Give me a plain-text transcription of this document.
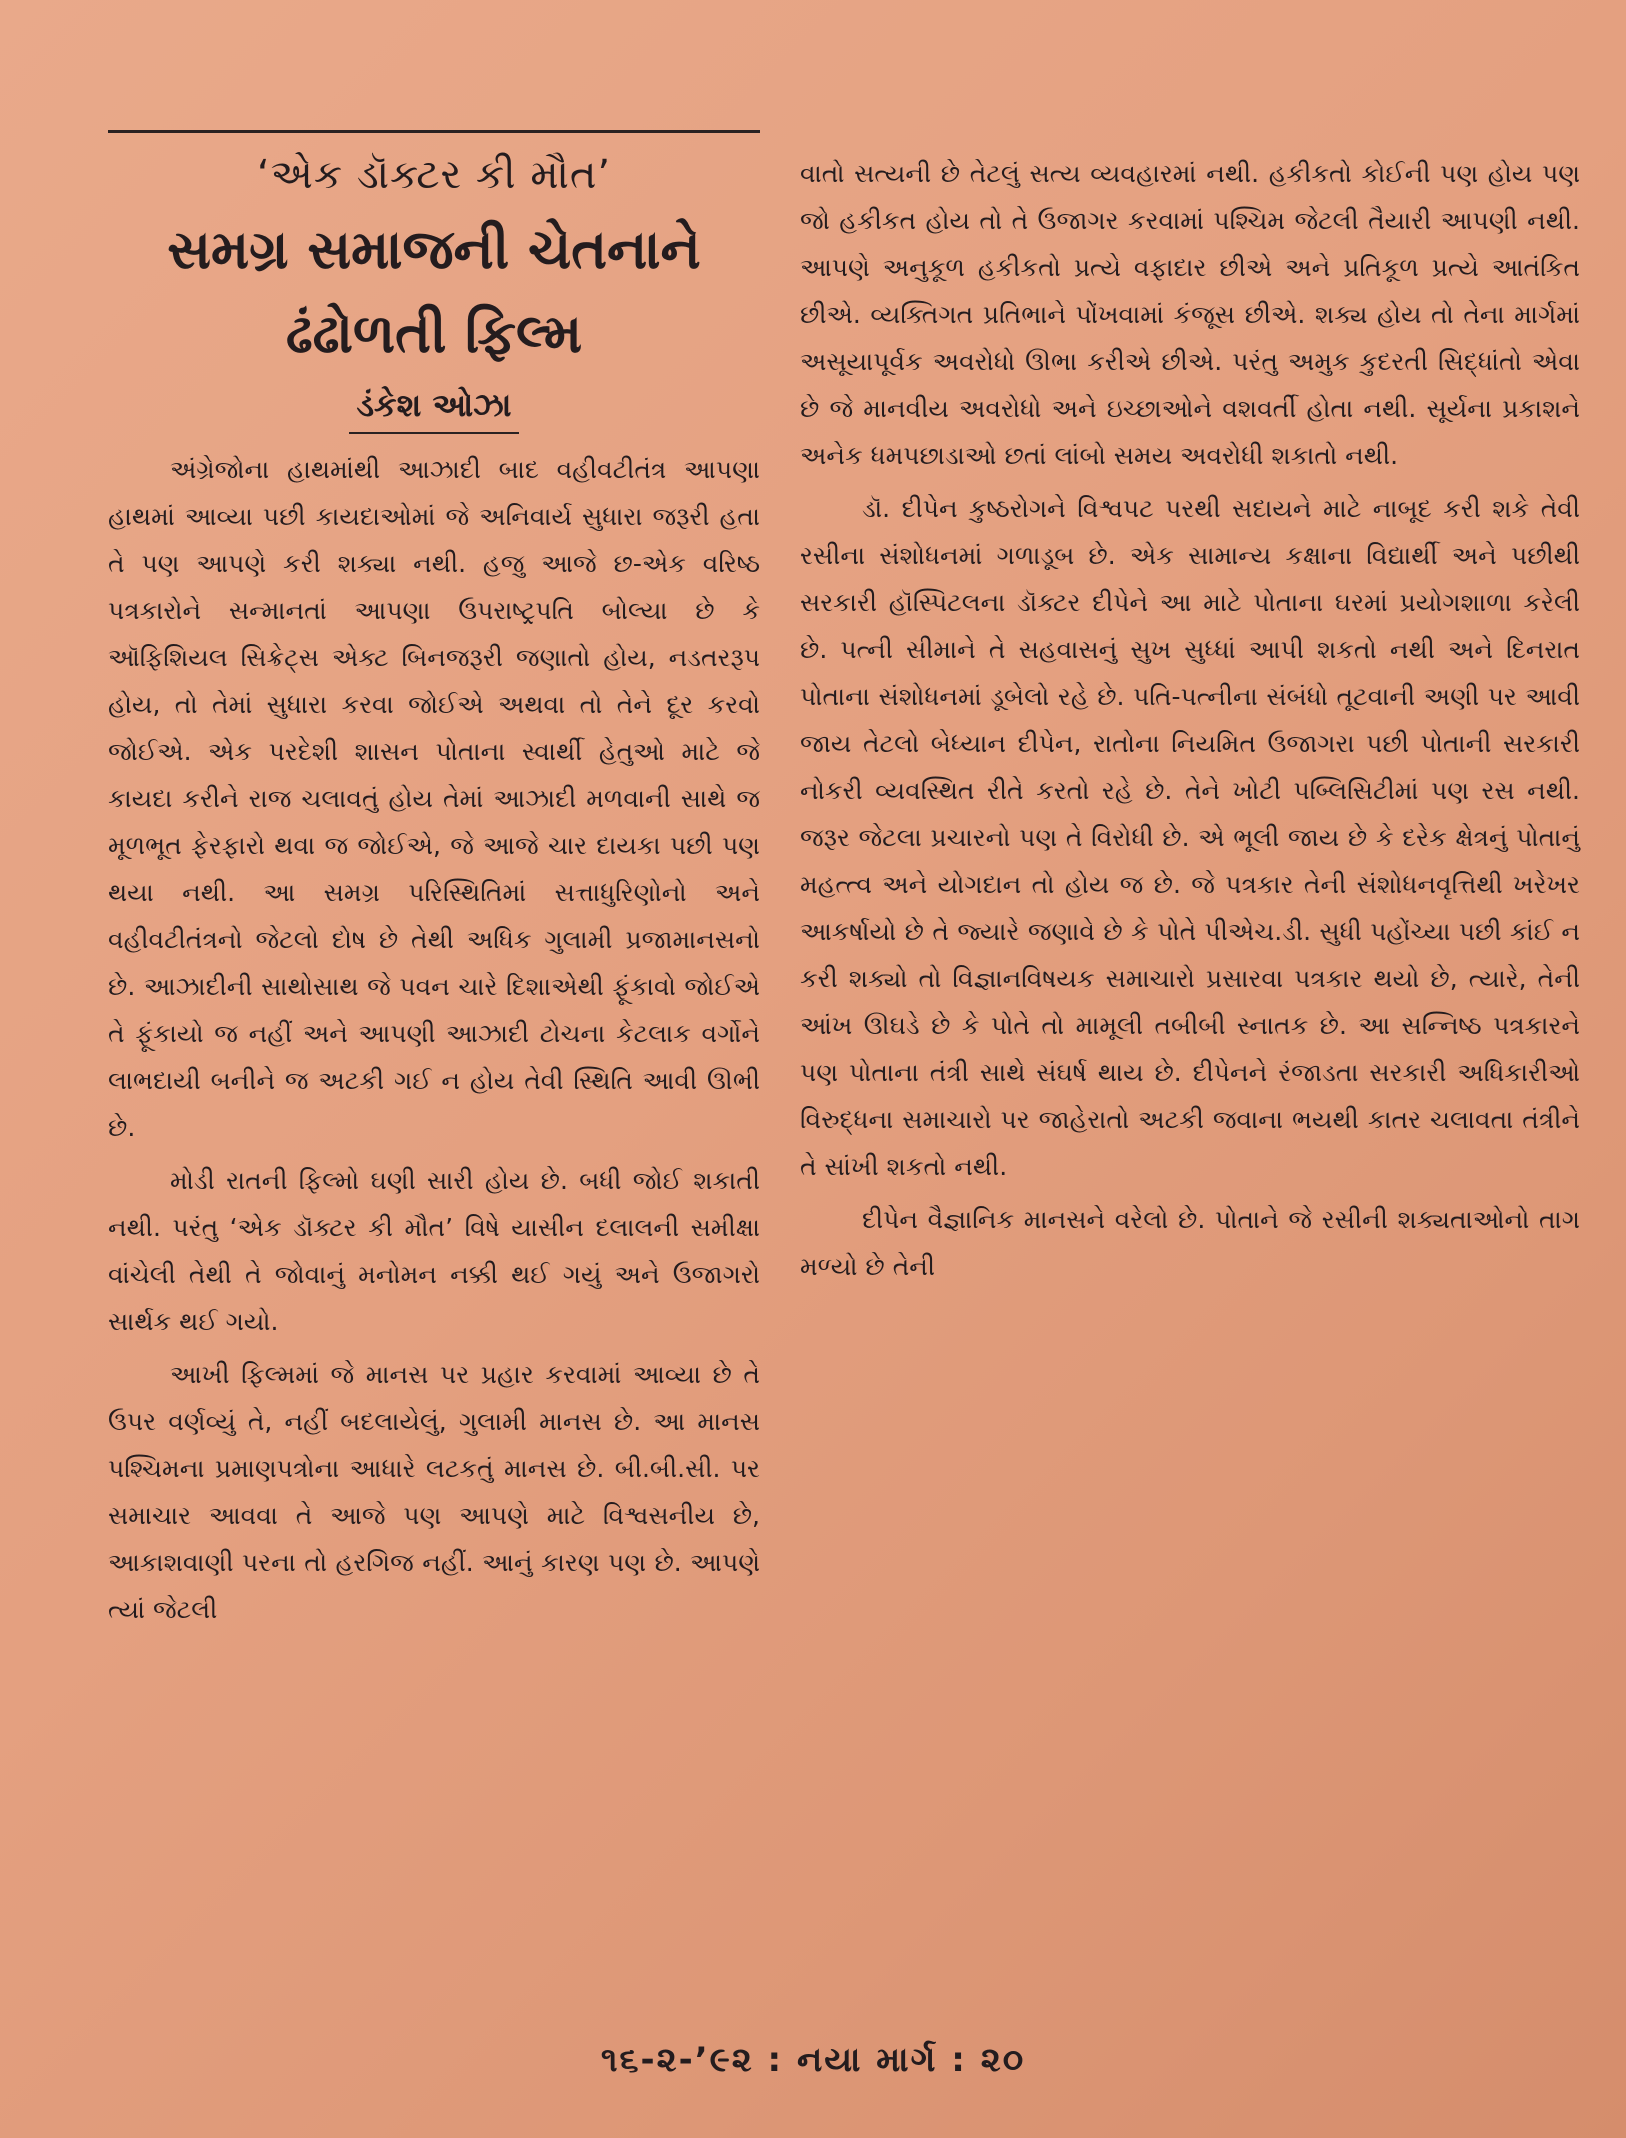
‘એક ડૉક્ટર કી મૌત’
સમગ્ર સમાજની ચેતનાને
ઢંઢોળતી ફિલ્મ
ડંકેશ ઓઝા

અંગ્રેજોના હાથમાંથી આઝાદી બાદ વહીવટીતંત્ર આપણા હાથમાં આવ્યા પછી કાયદાઓમાં જે અનિવાર્ય સુધારા જરૂરી હતા તે પણ આપણે કરી શક્યા નથી. હજુ આજે છ-એક વરિષ્ઠ પત્રકારોને સન્માનતાં આપણા ઉપરાષ્ટ્રપતિ બોલ્યા છે કે ઑફિશિયલ સિક્રેટ્સ એક્ટ બિનજરૂરી જણાતો હોય, નડતરરૂપ હોય, તો તેમાં સુધારા કરવા જોઈએ અથવા તો તેને દૂર કરવો જોઈએ. એક પરદેશી શાસન પોતાના સ્વાર્થી હેતુઓ માટે જે કાયદા કરીને રાજ ચલાવતું હોય તેમાં આઝાદી મળવાની સાથે જ મૂળભૂત ફેરફારો થવા જ જોઈએ, જે આજે ચાર દાયકા પછી પણ થયા નથી. આ સમગ્ર પરિસ્થિતિમાં સત્તાધુરિણોનો અને વહીવટીતંત્રનો જેટલો દોષ છે તેથી અધિક ગુલામી પ્રજામાનસનો છે. આઝાદીની સાથોસાથ જે પવન ચારે દિશાએથી ફૂંકાવો જોઈએ તે ફૂંકાયો જ નહીં અને આપણી આઝાદી ટોચના કેટલાક વર્ગોને લાભદાયી બનીને જ અટકી ગઈ ન હોય તેવી સ્થિતિ આવી ઊભી છે.

મોડી રાતની ફિલ્મો ઘણી સારી હોય છે. બધી જોઈ શકાતી નથી. પરંતુ ‘એક ડૉક્ટર કી મૌત’ વિષે યાસીન દલાલની સમીક્ષા વાંચેલી તેથી તે જોવાનું મનોમન નક્કી થઈ ગયું અને ઉજાગરો સાર્થક થઈ ગયો.

આખી ફિલ્મમાં જે માનસ પર પ્રહાર કરવામાં આવ્યા છે તે ઉપર વર્ણવ્યું તે, નહીં બદલાયેલું, ગુલામી માનસ છે. આ માનસ પશ્ચિમના પ્રમાણપત્રોના આધારે લટકતું માનસ છે. બી.બી.સી. પર સમાચાર આવવા તે આજે પણ આપણે માટે વિશ્વસનીય છે, આકાશવાણી પરના તો હરગિજ નહીં. આનું કારણ પણ છે. આપણે ત્યાં જેટલી

વાતો સત્યની છે તેટલું સત્ય વ્યવહારમાં નથી. હકીકતો કોઈની પણ હોય પણ જો હકીકત હોય તો તે ઉજાગર કરવામાં પશ્ચિમ જેટલી તૈયારી આપણી નથી. આપણે અનુકૂળ હકીકતો પ્રત્યે વફાદાર છીએ અને પ્રતિકૂળ પ્રત્યે આતંકિત છીએ. વ્યક્તિગત પ્રતિભાને પોંખવામાં કંજૂસ છીએ. શક્ય હોય તો તેના માર્ગમાં અસૂયાપૂર્વક અવરોધો ઊભા કરીએ છીએ. પરંતુ અમુક કુદરતી સિદ્ધાંતો એવા છે જે માનવીય અવરોધો અને ઇચ્છાઓને વશવર્તી હોતા નથી. સૂર્યના પ્રકાશને અનેક ધમપછાડાઓ છતાં લાંબો સમય અવરોધી શકાતો નથી.

ડૉ. દીપેન કુષ્ઠરોગને વિશ્વપટ પરથી સદાયને માટે નાબૂદ કરી શકે તેવી રસીના સંશોધનમાં ગળાડૂબ છે. એક સામાન્ય કક્ષાના વિદ્યાર્થી અને પછીથી સરકારી હૉસ્પિટલના ડૉક્ટર દીપેને આ માટે પોતાના ઘરમાં પ્રયોગશાળા કરેલી છે. પત્ની સીમાને તે સહવાસનું સુખ સુધ્ધાં આપી શકતો નથી અને દિનરાત પોતાના સંશોધનમાં ડૂબેલો રહે છે. પતિ-પત્નીના સંબંધો તૂટવાની અણી પર આવી જાય તેટલો બેધ્યાન દીપેન, રાતોના નિયમિત ઉજાગરા પછી પોતાની સરકારી નોકરી વ્યવસ્થિત રીતે કરતો રહે છે. તેને ખોટી પબ્લિસિટીમાં પણ રસ નથી. જરૂર જેટલા પ્રચારનો પણ તે વિરોધી છે. એ ભૂલી જાય છે કે દરેક ક્ષેત્રનું પોતાનું મહત્ત્વ અને યોગદાન તો હોય જ છે. જે પત્રકાર તેની સંશોધનવૃત્તિથી ખરેખર આકર્ષાયો છે તે જ્યારે જણાવે છે કે પોતે પીએચ.ડી. સુધી પહોંચ્યા પછી કાંઈ ન કરી શક્યો તો વિજ્ઞાનવિષયક સમાચારો પ્રસારવા પત્રકાર થયો છે, ત્યારે, તેની આંખ ઊઘડે છે કે પોતે તો મામૂલી તબીબી સ્નાતક છે. આ સન્નિષ્ઠ પત્રકારને પણ પોતાના તંત્રી સાથે સંઘર્ષ થાય છે. દીપેનને રંજાડતા સરકારી અધિકારીઓ વિરુદ્ધના સમાચારો પર જાહેરાતો અટકી જવાના ભયથી કાતર ચલાવતા તંત્રીને તે સાંખી શકતો નથી.

દીપેન વૈજ્ઞાનિક માનસને વરેલો છે. પોતાને જે રસીની શક્યતાઓનો તાગ મળ્યો છે તેની

૧૬-૨-’૯૨ : નયા માર્ગ : ૨૦
